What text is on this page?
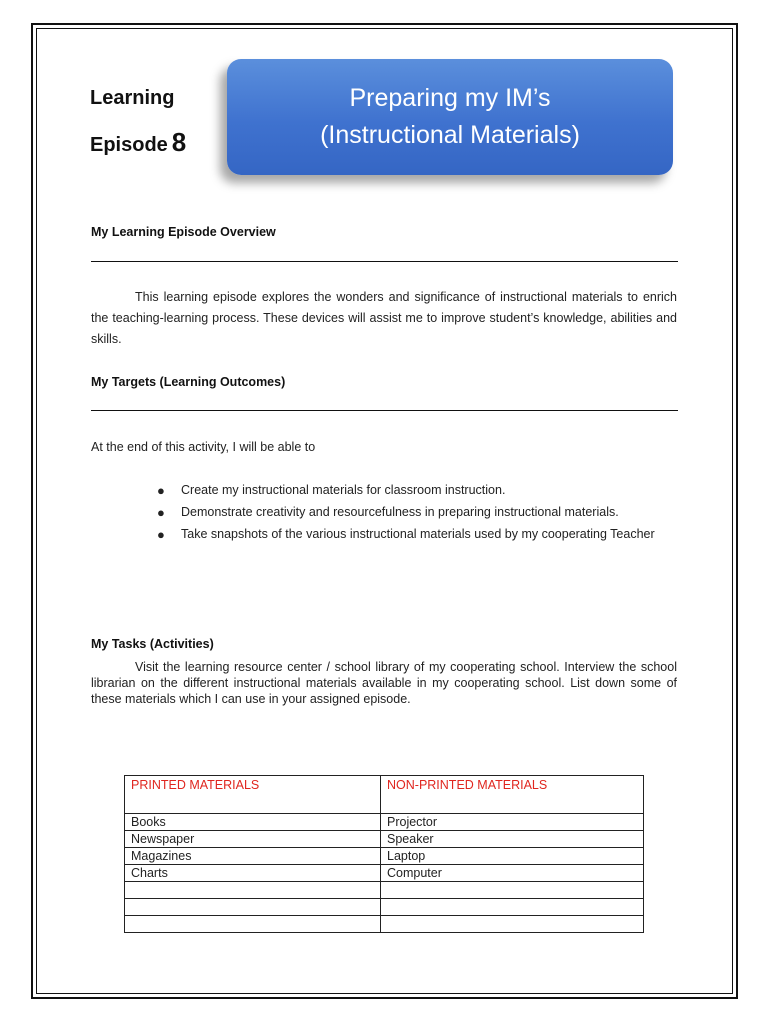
Learning
Episode 8
Preparing my IM’s
(Instructional Materials)
My Learning Episode Overview
This learning episode explores the wonders and significance of instructional materials to enrich the teaching-learning process. These devices will assist me to improve student’s knowledge, abilities and skills.
My Targets (Learning Outcomes)
At the end of this activity, I will be able to
● Create my instructional materials for classroom instruction.
● Demonstrate creativity and resourcefulness in preparing instructional materials.
● Take snapshots of the various instructional materials used by my cooperating Teacher
My Tasks (Activities)
Visit the learning resource center / school library of my cooperating school. Interview the school librarian on the different instructional materials available in my cooperating school. List down some of these materials which I can use in your assigned episode.
PRINTED MATERIALS	NON-PRINTED MATERIALS
Books	Projector
Newspaper	Speaker
Magazines	Laptop
Charts	Computer
